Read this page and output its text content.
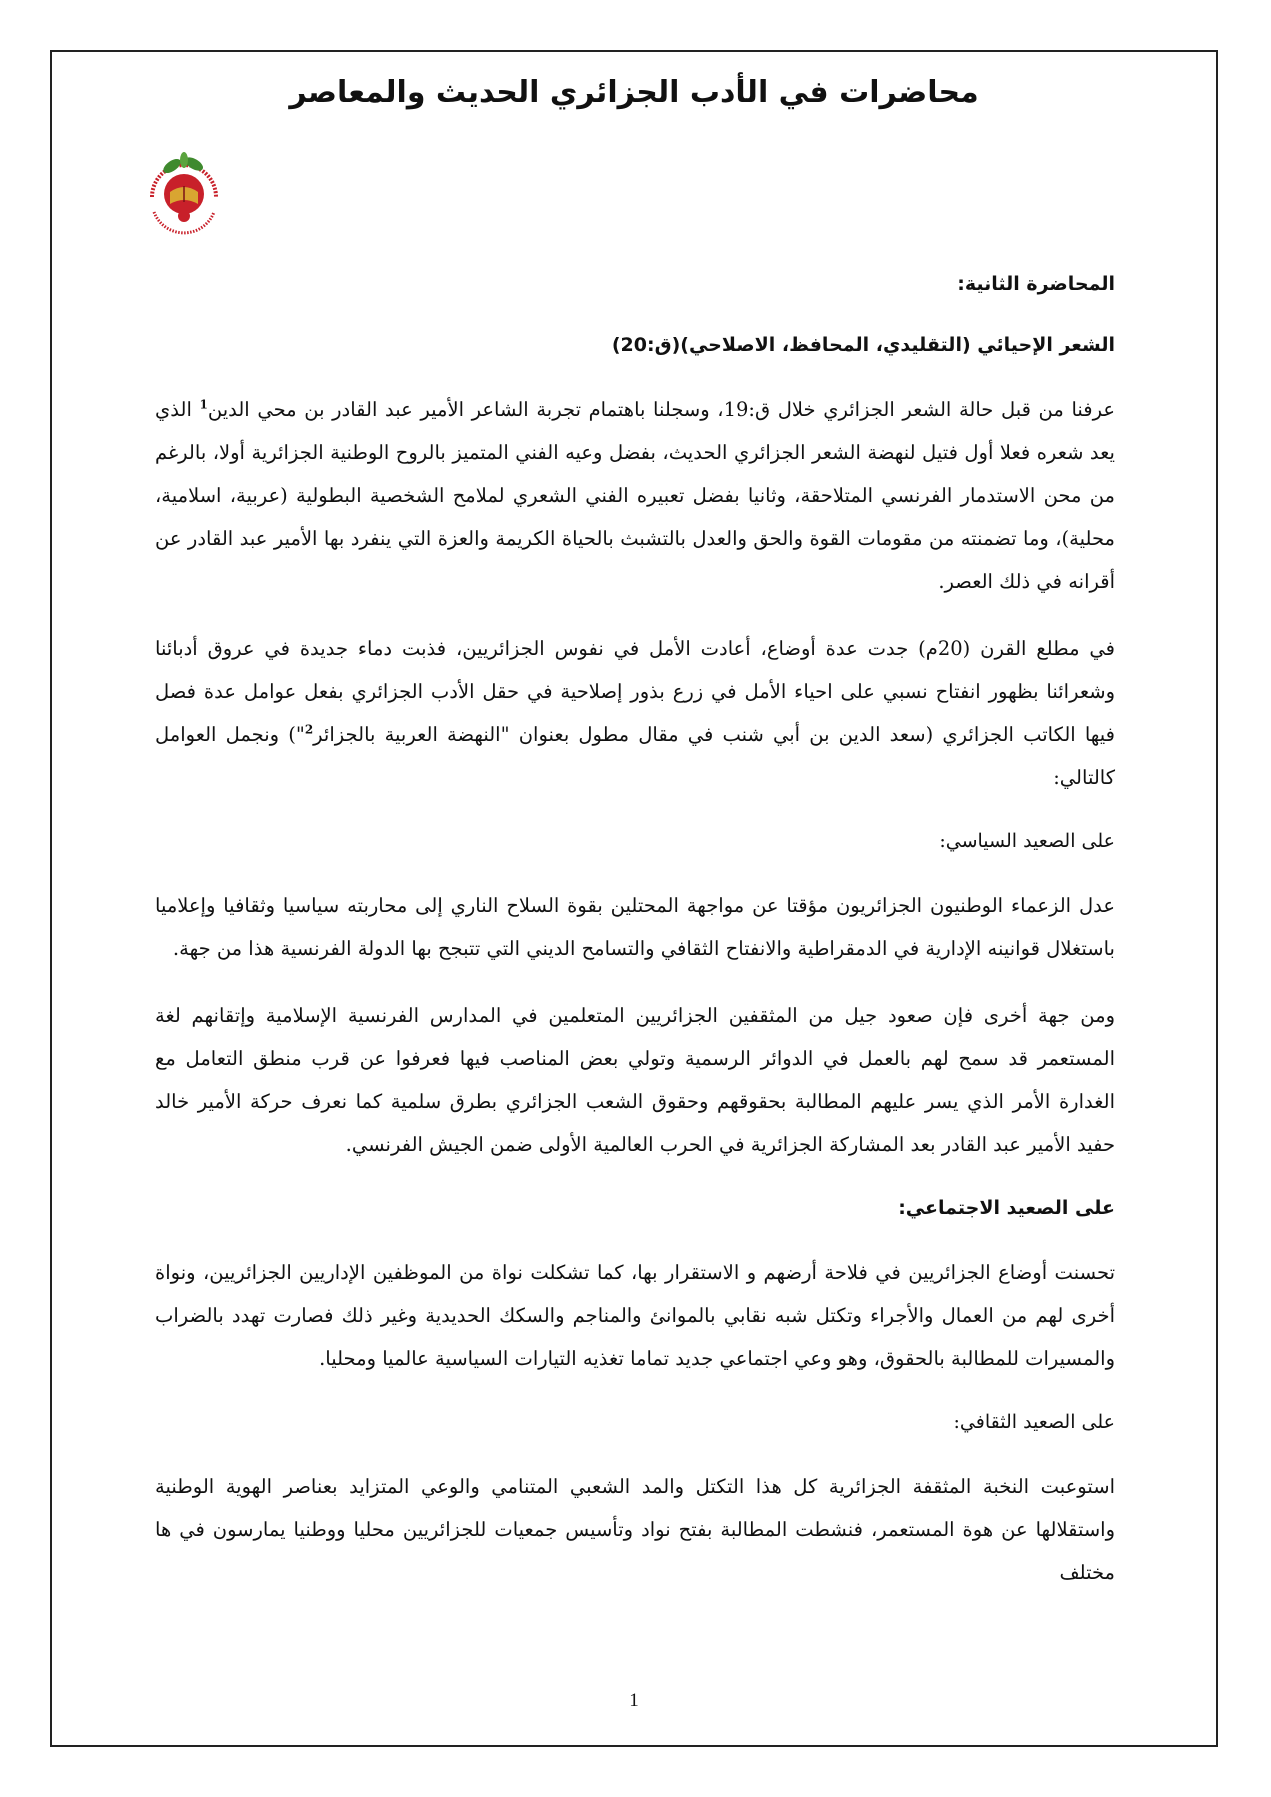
محاضرات في الأدب الجزائري الحديث والمعاصر
المحاضرة الثانية:
الشعر الإحيائي (التقليدي، المحافظ، الاصلاحي)(ق:20)

عرفنا من قبل حالة الشعر الجزائري خلال ق:19، وسجلنا باهتمام تجربة الشاعر الأمير عبد القادر بن محي الدين$^1$ الذي يعد شعره فعلا أول فتيل لنهضة الشعر الجزائري الحديث، بفضل وعيه الفني المتميز بالروح الوطنية الجزائرية أولا، بالرغم من محن الاستدمار الفرنسي المتلاحقة، وثانيا بفضل تعبيره الفني الشعري لملامح الشخصية البطولية (عربية، اسلامية، محلية)، وما تضمنته من مقومات القوة والحق والعدل بالتشبث بالحياة الكريمة والعزة التي ينفرد بها الأمير عبد القادر عن أقرانه في ذلك العصر.

في مطلع القرن (20م) جدت عدة أوضاع، أعادت الأمل في نفوس الجزائريين، فذبت دماء جديدة في عروق أدبائنا وشعرائنا بظهور انفتاح نسبي على احياء الأمل في زرع بذور إصلاحية في حقل الأدب الجزائري بفعل عوامل عدة فصل فيها الكاتب الجزائري (سعد الدين بن أبي شنب في مقال مطول بعنوان "النهضة العربية بالجزائر$^2$") ونجمل العوامل كالتالي:

على الصعيد السياسي:

عدل الزعماء الوطنيون الجزائريون مؤقتا عن مواجهة المحتلين بقوة السلاح الناري إلى محاربته سياسيا وثقافيا وإعلاميا باستغلال قوانينه الإدارية في الدمقراطية والانفتاح الثقافي والتسامح الديني التي تتبجح بها الدولة الفرنسية هذا من جهة.

ومن جهة أخرى فإن صعود جيل من المثقفين الجزائريين المتعلمين في المدارس الفرنسية الإسلامية وإتقانهم لغة المستعمر قد سمح لهم بالعمل في الدوائر الرسمية وتولي بعض المناصب فيها فعرفوا عن قرب منطق التعامل مع الغدارة الأمر الذي يسر عليهم المطالبة بحقوقهم وحقوق الشعب الجزائري بطرق سلمية كما نعرف حركة الأمير خالد حفيد الأمير عبد القادر بعد المشاركة الجزائرية في الحرب العالمية الأولى ضمن الجيش الفرنسي.

على الصعيد الاجتماعي:

تحسنت أوضاع الجزائريين في فلاحة أرضهم و الاستقرار بها، كما تشكلت نواة من الموظفين الإداريين الجزائريين، ونواة أخرى لهم من العمال والأجراء وتكتل شبه نقابي بالموانئ والمناجم والسكك الحديدية وغير ذلك فصارت تهدد بالضراب والمسيرات للمطالبة بالحقوق، وهو وعي اجتماعي جديد تماما تغذيه التيارات السياسية عالميا ومحليا.

على الصعيد الثقافي:

استوعبت النخبة المثقفة الجزائرية كل هذا التكتل والمد الشعبي المتنامي والوعي المتزايد بعناصر الهوية الوطنية واستقلالها عن هوة المستعمر، فنشطت المطالبة بفتح نواد وتأسيس جمعيات للجزائريين محليا ووطنيا يمارسون في ها مختلف

1
